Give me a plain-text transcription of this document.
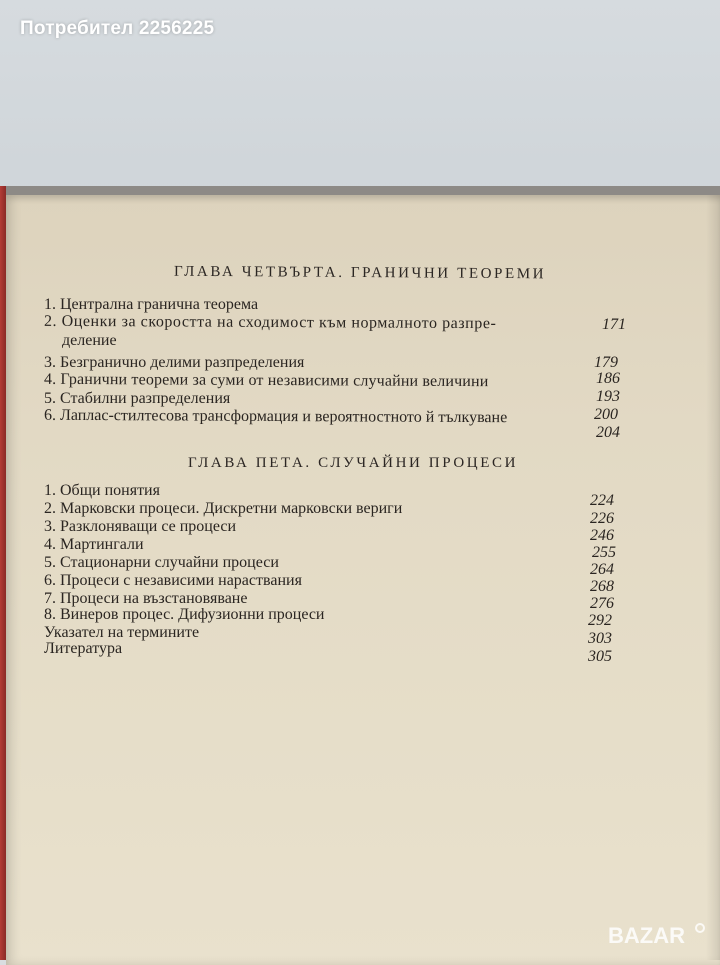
Потребител 2256225
ГЛАВА ЧЕТВЪРТА. ГРАНИЧНИ ТЕОРЕМИ
1. Централна гранична теорема
2. Оценки за скоростта на сходимост към нормалното разпре-
деление
3. Безгранично делими разпределения
4. Гранични теореми за суми от независими случайни величини
5. Стабилни разпределения
6. Лаплас-стилтесова трансформация и вероятностното й тълкуване
171
179
186
193
200
204
ГЛАВА ПЕТА. СЛУЧАЙНИ ПРОЦЕСИ
1. Общи понятия
2. Марковски процеси. Дискретни марковски вериги
3. Разклоняващи се процеси
4. Мартингали
5. Стационарни случайни процеси
6. Процеси с независими нараствания
7. Процеси на възстановяване
8. Винеров процес. Дифузионни процеси
Указател на термините
Литература
224
226
246
255
264
268
276
292
303
305
BAZAR
